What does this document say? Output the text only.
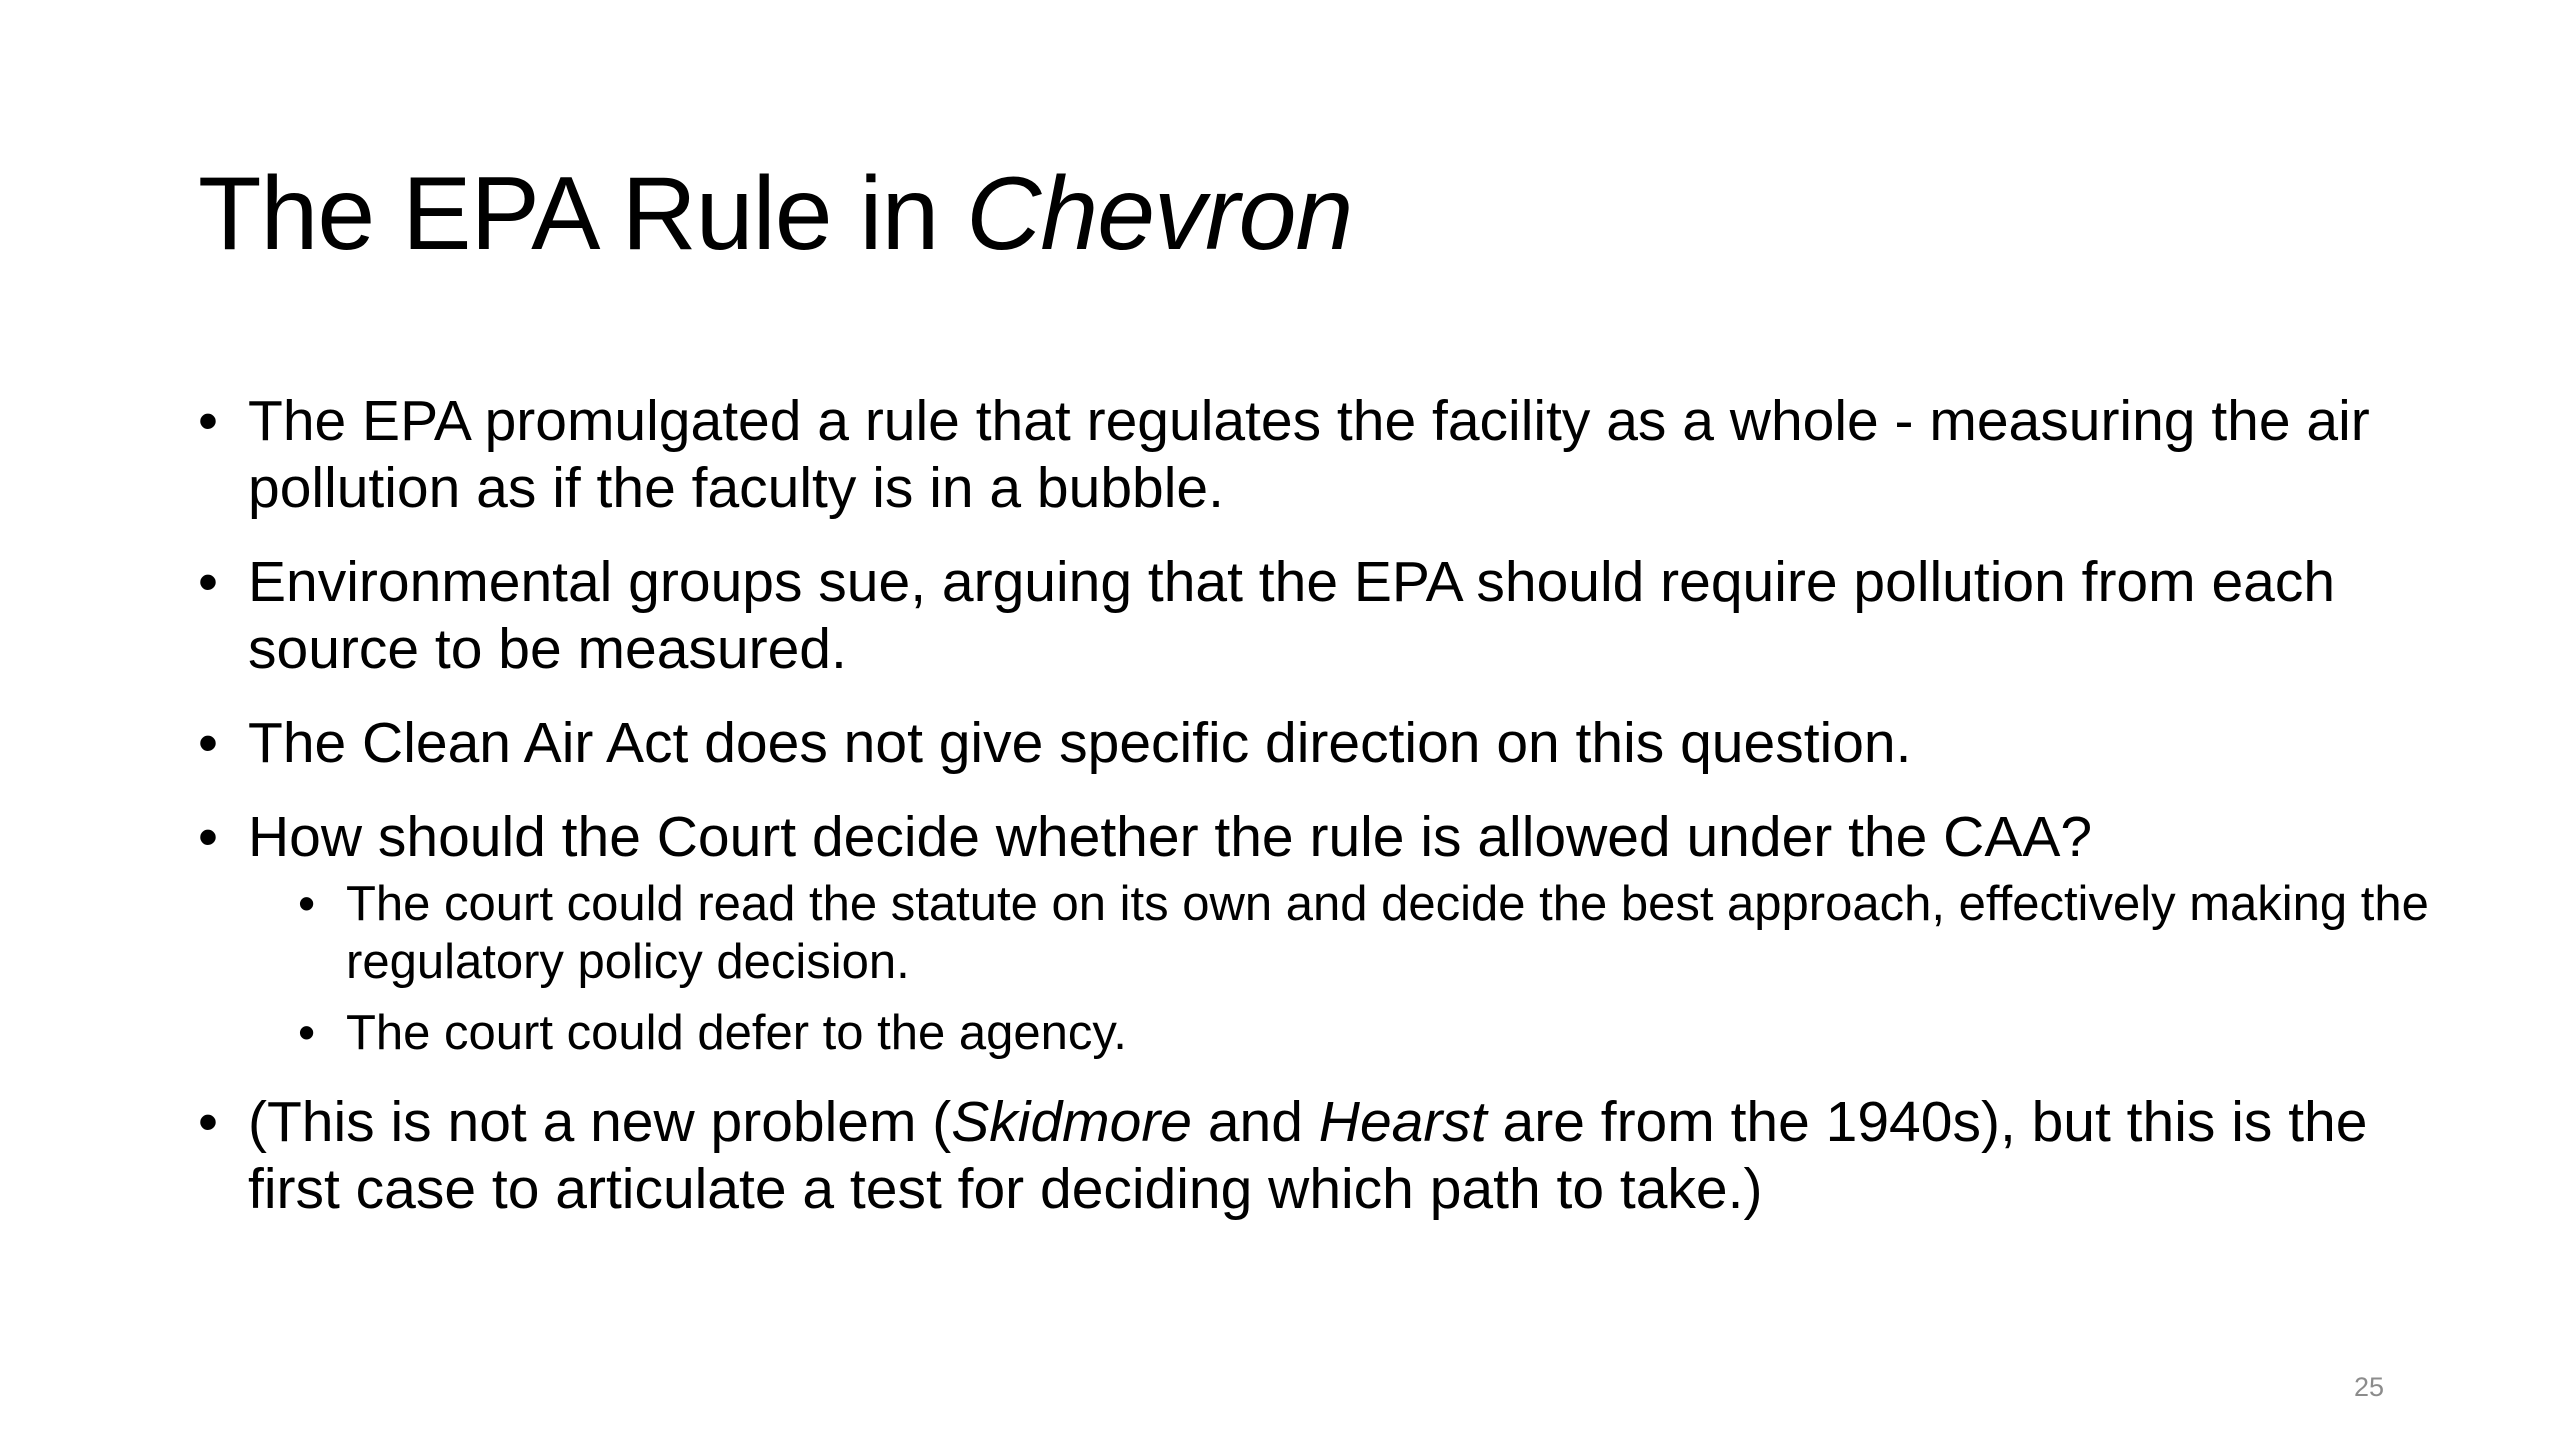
The EPA Rule in Chevron
• The EPA promulgated a rule that regulates the facility as a whole - measuring the air pollution as if the faculty is in a bubble.
• Environmental groups sue, arguing that the EPA should require pollution from each source to be measured.
• The Clean Air Act does not give specific direction on this question.
• How should the Court decide whether the rule is allowed under the CAA?
• The court could read the statute on its own and decide the best approach, effectively making the regulatory policy decision.
• The court could defer to the agency.
• (This is not a new problem (Skidmore and Hearst are from the 1940s), but this is the first case to articulate a test for deciding which path to take.)
25
